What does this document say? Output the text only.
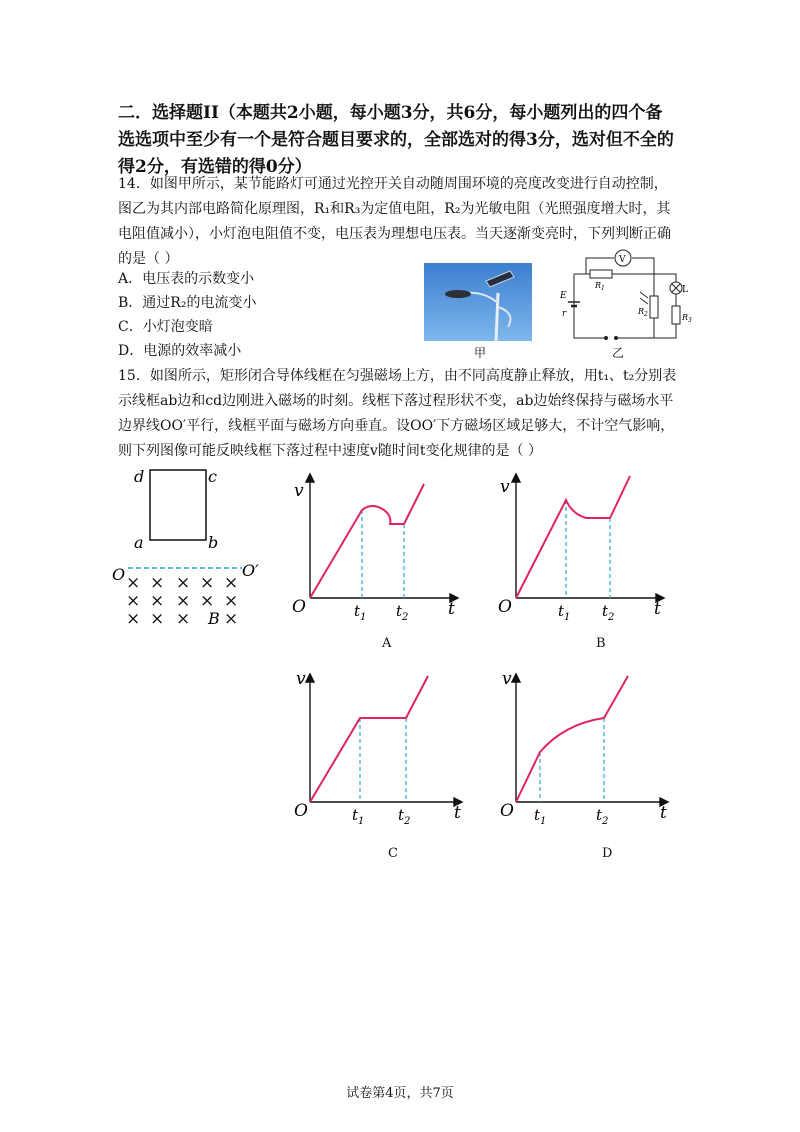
二．选择题II（本题共2小题，每小题3分，共6分，每小题列出的四个备选选项中至少有一个是符合题目要求的，全部选对的得3分，选对但不全的得2分，有选错的得0分）
14．如图甲所示，某节能路灯可通过光控开关自动随周围环境的亮度改变进行自动控制，图乙为其内部电路简化原理图，R₁和R₃为定值电阻，R₂为光敏电阻（光照强度增大时，其电阻值减小），小灯泡电阻值不变，电压表为理想电压表。当天逐渐变亮时，下列判断正确的是（ ）
A．电压表的示数变小
B．通过R₂的电流变小
C．小灯泡变暗
D．电源的效率减小	甲
V
$R_1$
$R_2$	$R_3$
E
r
L
乙
15．如图所示，矩形闭合导体线框在匀强磁场上方，由不同高度静止释放，用t₁、t₂分别表示线框ab边和cd边刚进入磁场的时刻。线框下落过程形状不变，ab边始终保持与磁场水平边界线OO′平行，线框平面与磁场方向垂直。设OO′下方磁场区域足够大，不计空气影响，则下列图像可能反映线框下落过程中速度v随时间t变化规律的是（ ）
d	c
a	b
O	O′
× × × × ×
× × × × ×
× × × ×
B
v
O	t
$t_1$ $t_2$
A
v
O	t
$t_1$ $t_2$
B
v
O	t
$t_1$ $t_2$
C
v
O	t
$t_1$	$t_2$
D
试卷第4页，共7页
